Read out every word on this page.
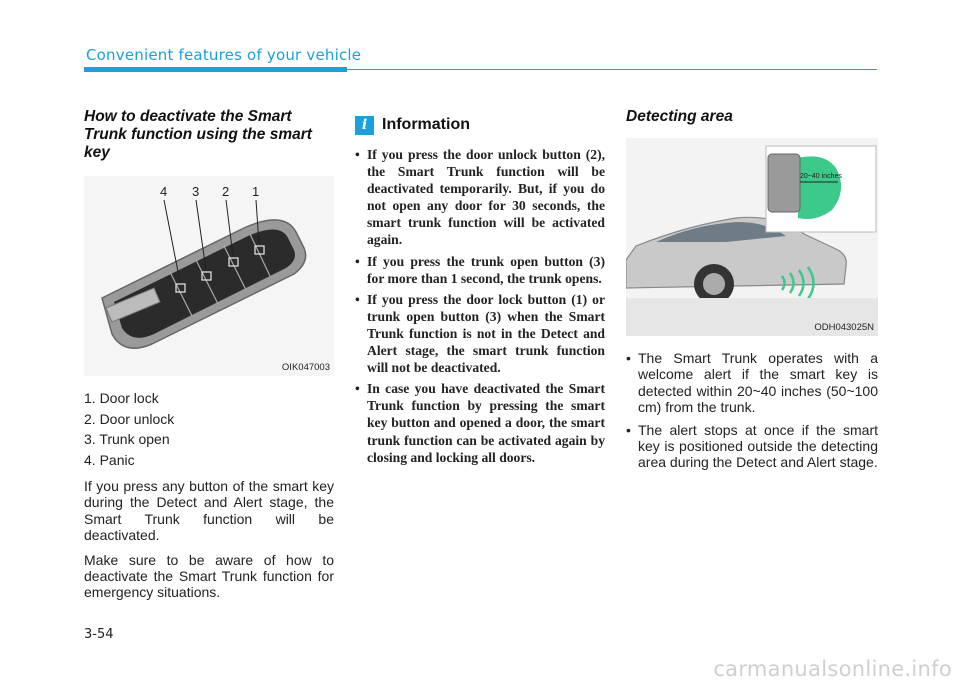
Convenient features of your vehicle
How to deactivate the Smart Trunk function using the smart key
4 3 2 1
OIK047003
1. Door lock
2. Door unlock
3. Trunk open
4. Panic

If you press any button of the smart key during the Detect and Alert stage, the Smart Trunk function will be deactivated.

Make sure to be aware of how to deactivate the Smart Trunk function for emergency situations.

i Information
• If you press the door unlock button (2), the Smart Trunk function will be deactivated temporarily. But, if you do not open any door for 30 seconds, the smart trunk function will be activated again.
• If you press the trunk open button (3) for more than 1 second, the trunk opens.
• If you press the door lock button (1) or trunk open button (3) when the Smart Trunk function is not in the Detect and Alert stage, the smart trunk function will not be deactivated.
• In case you have deactivated the Smart Trunk function by pressing the smart key button and opened a door, the smart trunk function can be activated again by closing and locking all doors.
Detecting area
20~40 inches
ODH043025N
• The Smart Trunk operates with a welcome alert if the smart key is detected within 20~40 inches (50~100 cm) from the trunk.
• The alert stops at once if the smart key is positioned outside the detecting area during the Detect and Alert stage.
3-54
carmanualsonline.info
